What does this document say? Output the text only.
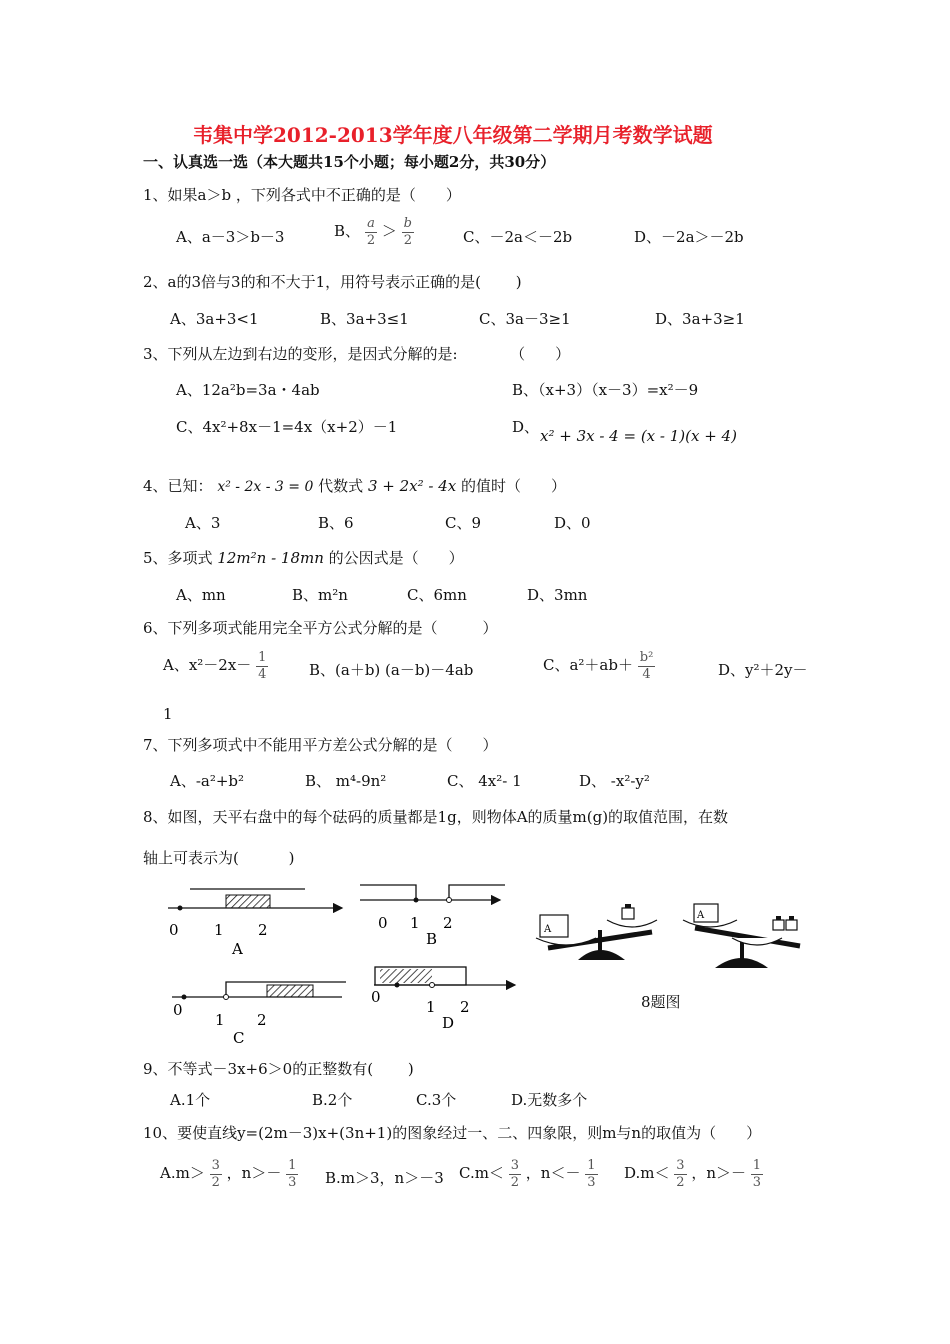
韦集中学2012-2013学年度八年级第二学期月考数学试题
一、认真选一选（本大题共15个小题；每小题2分，共30分）
1、如果a＞b ，下列各式中不正确的是（　　）
A、a－3＞b－3	B、 $\frac{a}{2} > \frac{b}{2}$	C、－2a＜－2b	D、－2a＞－2b
2、a的3倍与3的和不大于1，用符号表示正确的是(　　 )
A、3a+3<1	B、3a+3≤1	C、3a－3≥1	D、3a+3≥1
3、下列从左边到右边的变形，是因式分解的是:　　　　（　　）
A、12a²b=3a・4ab	B、（x+3）（x－3）=x²－9
C、4x²+8x－1=4x（x+2）－1	D、 x² + 3x - 4 = (x - 1)(x + 4)
4、已知： x² - 2x - 3 = 0 代数式 3 + 2x² - 4x 的值时（　　）
A、3	B、6	C、9	D、0
5、多项式 12m²n - 18mn 的公因式是（　　）
A、mn	B、m²n	C、6mn	D、3mn
6、下列多项式能用完全平方公式分解的是（　　　）
A、$x^2-2x- \frac{1}{4}$	B、(a＋b) (a－b)－4ab	C、$a^2+ab+ \frac{\text{b²}}{4}$	D、y²＋2y－
1
7、下列多项式中不能用平方差公式分解的是（　　）
A、-a²+b²	B、 m⁴-9n²	C、 4x²- 1	D、 -x²-y²
8、如图，天平右盘中的每个砝码的质量都是1g，则物体A的质量m(g)的取值范围，在数
轴上可表示为(　　　 )
0 1 2
A
0 1 2
B
0
1 2
C
0
1 2
D
A
A
8题图
9、不等式－3x+6＞0的正整数有(　　 )
A.1个	B.2个	C.3个	D.无数多个
10、要使直线y=(2m－3)x+(3n+1)的图象经过一、二、四象限，则m与n的取值为（　　）
$A.m> \frac{3}{2}$ ，$n>- \frac{1}{3} B.m>3$，n＞－3 $C.m< \frac{3}{2}$ ，$n<- \frac{1}{3} D.m< \frac{3}{2}$ ，$n>- \frac{1}{3}$
